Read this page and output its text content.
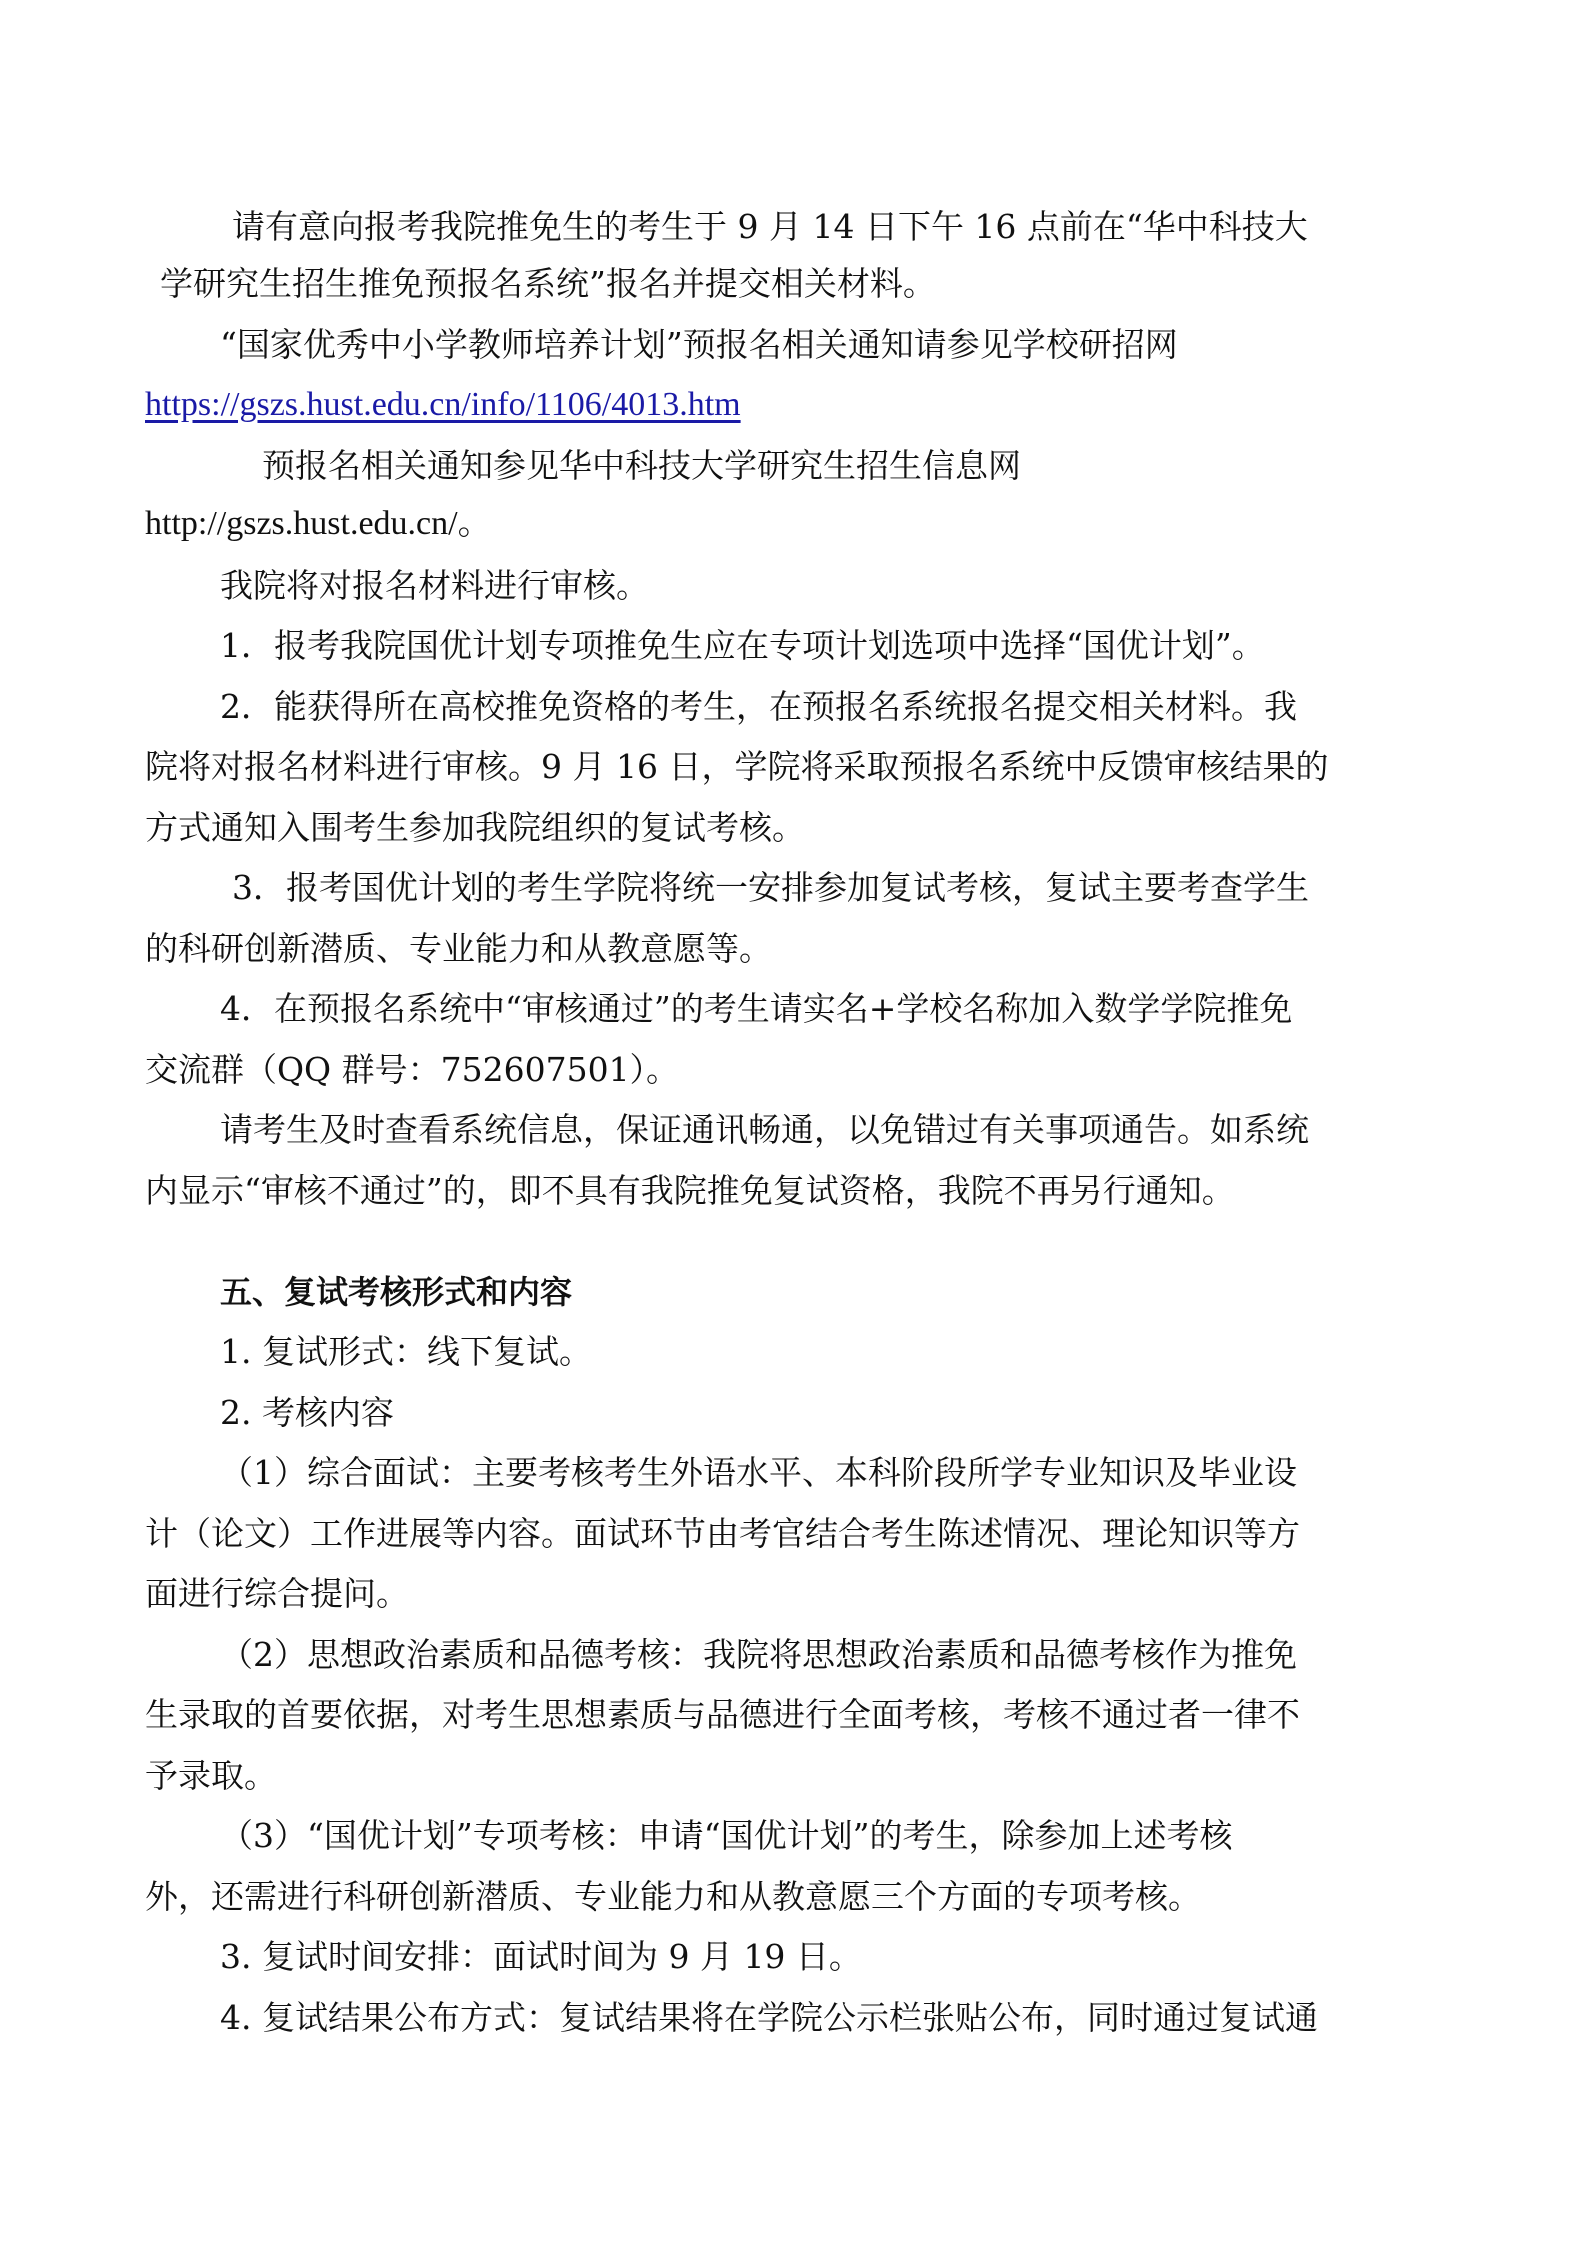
请有意向报考我院推免生的考生于 9 月 14 日下午 16 点前在“华中科技大
学研究生招生推免预报名系统”报名并提交相关材料。
“国家优秀中小学教师培养计划”预报名相关通知请参见学校研招网
https://gszs.hust.edu.cn/info/1106/4013.htm
预报名相关通知参见华中科技大学研究生招生信息网
http://gszs.hust.edu.cn/。
我院将对报名材料进行审核。
1．报考我院国优计划专项推免生应在专项计划选项中选择“国优计划”。
2．能获得所在高校推免资格的考生，在预报名系统报名提交相关材料。我
院将对报名材料进行审核。9 月 16 日，学院将采取预报名系统中反馈审核结果的
方式通知入围考生参加我院组织的复试考核。
3．报考国优计划的考生学院将统一安排参加复试考核，复试主要考查学生
的科研创新潜质、专业能力和从教意愿等。
4．在预报名系统中“审核通过”的考生请实名+学校名称加入数学学院推免
交流群（QQ 群号：752607501）。
请考生及时查看系统信息，保证通讯畅通，以免错过有关事项通告。如系统
内显示“审核不通过”的，即不具有我院推免复试资格，我院不再另行通知。
五、复试考核形式和内容
1. 复试形式：线下复试。
2. 考核内容
（1）综合面试：主要考核考生外语水平、本科阶段所学专业知识及毕业设
计（论文）工作进展等内容。面试环节由考官结合考生陈述情况、理论知识等方
面进行综合提问。
（2）思想政治素质和品德考核：我院将思想政治素质和品德考核作为推免
生录取的首要依据，对考生思想素质与品德进行全面考核，考核不通过者一律不
予录取。
（3）“国优计划”专项考核：申请“国优计划”的考生，除参加上述考核
外，还需进行科研创新潜质、专业能力和从教意愿三个方面的专项考核。
3. 复试时间安排：面试时间为 9 月 19 日。
4. 复试结果公布方式：复试结果将在学院公示栏张贴公布，同时通过复试通
